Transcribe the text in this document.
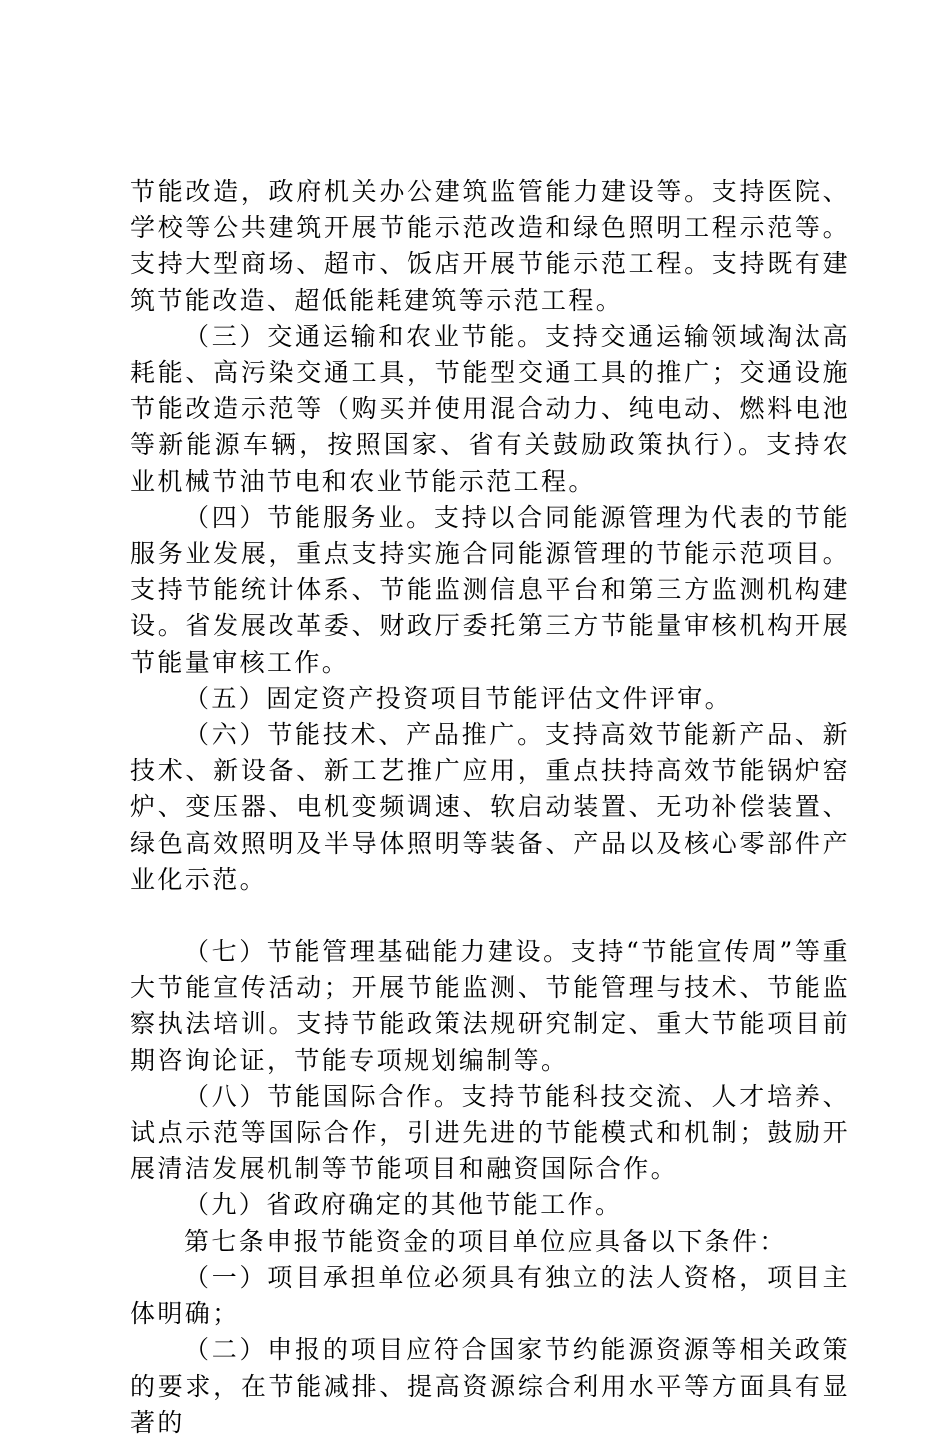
节能改造，政府机关办公建筑监管能力建设等。支持医院、学校等公共建筑开展节能示范改造和绿色照明工程示范等。支持大型商场、超市、饭店开展节能示范工程。支持既有建筑节能改造、超低能耗建筑等示范工程。

（三）交通运输和农业节能。支持交通运输领域淘汰高耗能、高污染交通工具，节能型交通工具的推广；交通设施节能改造示范等（购买并使用混合动力、纯电动、燃料电池等新能源车辆，按照国家、省有关鼓励政策执行）。支持农业机械节油节电和农业节能示范工程。

（四）节能服务业。支持以合同能源管理为代表的节能服务业发展，重点支持实施合同能源管理的节能示范项目。支持节能统计体系、节能监测信息平台和第三方监测机构建设。省发展改革委、财政厅委托第三方节能量审核机构开展节能量审核工作。

（五）固定资产投资项目节能评估文件评审。

（六）节能技术、产品推广。支持高效节能新产品、新技术、新设备、新工艺推广应用，重点扶持高效节能锅炉窑炉、变压器、电机变频调速、软启动装置、无功补偿装置、绿色高效照明及半导体照明等装备、产品以及核心零部件产业化示范。

（七）节能管理基础能力建设。支持“节能宣传周”等重大节能宣传活动；开展节能监测、节能管理与技术、节能监察执法培训。支持节能政策法规研究制定、重大节能项目前期咨询论证，节能专项规划编制等。

（八）节能国际合作。支持节能科技交流、人才培养、试点示范等国际合作，引进先进的节能模式和机制；鼓励开展清洁发展机制等节能项目和融资国际合作。

（九）省政府确定的其他节能工作。

第七条申报节能资金的项目单位应具备以下条件：

（一）项目承担单位必须具有独立的法人资格，项目主体明确；

（二）申报的项目应符合国家节约能源资源等相关政策的要求，在节能减排、提高资源综合利用水平等方面具有显著的
